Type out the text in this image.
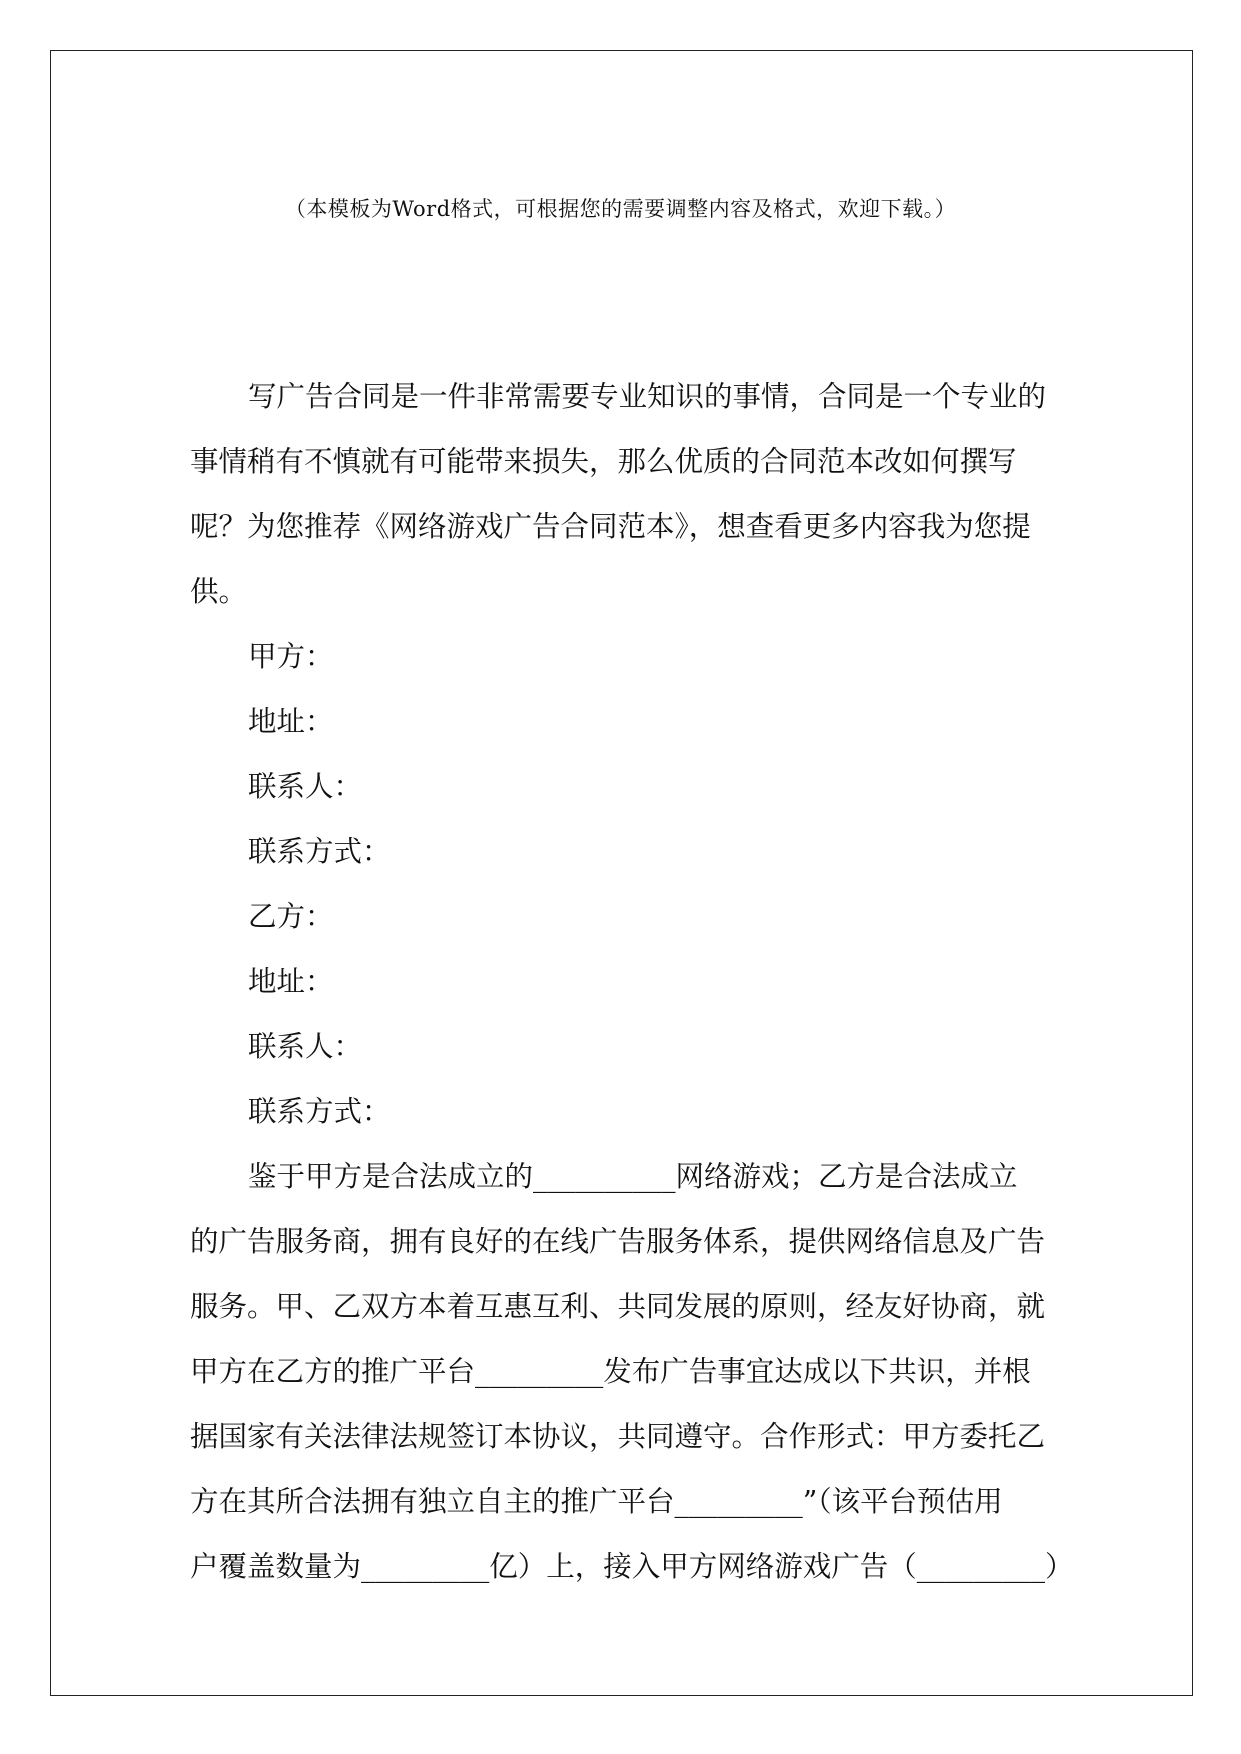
（本模板为Word格式，可根据您的需要调整内容及格式，欢迎下载。）
写广告合同是一件非常需要专业知识的事情，合同是一个专业的
事情稍有不慎就有可能带来损失，那么优质的合同范本改如何撰写
呢？为您推荐《网络游戏广告合同范本》，想查看更多内容我为您提
供。
甲方：
地址：
联系人：
联系方式：
乙方：
地址：
联系人：
联系方式：
鉴于甲方是合法成立的__________网络游戏；乙方是合法成立
的广告服务商，拥有良好的在线广告服务体系，提供网络信息及广告
服务。甲、乙双方本着互惠互利、共同发展的原则，经友好协商，就
甲方在乙方的推广平台_________发布广告事宜达成以下共识，并根
据国家有关法律法规签订本协议，共同遵守。合作形式：甲方委托乙
方在其所合法拥有独立自主的推广平台_________”（该平台预估用
户覆盖数量为_________亿）上，接入甲方网络游戏广告（_________）
